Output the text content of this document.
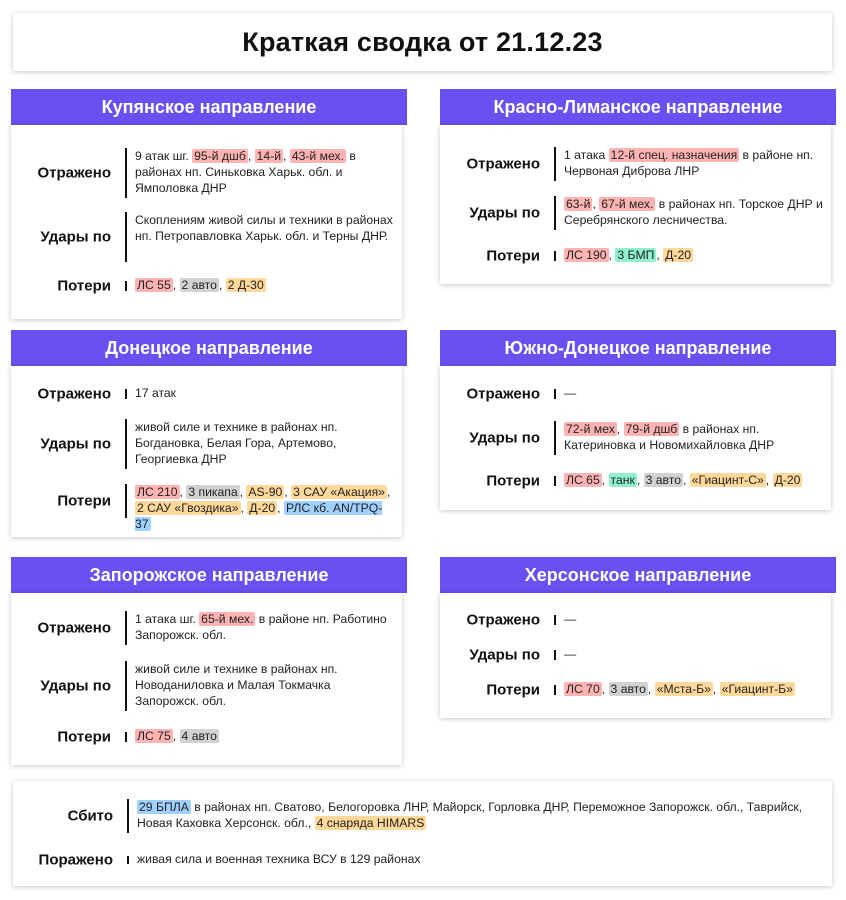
Краткая сводка от 21.12.23
Купянское направление
Отражено
9 атак шг. 95-й дшб , 14-й , 43-й мех. в районах нп. Синьковка Харьк. обл. и Ямполовка ДНР
Удары по
Скоплениям живой силы и техники в районах нп. Петропавловка Харьк. обл. и Терны ДНР.
Потери ЛС 55 , 2 авто , 2 Д-30
Красно-Лиманское направление
Отражено
1 атака 12-й спец. назначения в районе нп. Червоная Диброва ЛНР
Удары по
63-й , 67-й мех. в районах нп. Торское ДНР и Серебрянского лесничества.
Потери ЛС 190 , 3 БМП , Д-20
Донецкое направление
Отражено 17 атак
Удары по
живой силе и технике в районах нп. Богдановка, Белая Гора, Артемово, Георгиевка ДНР
Потери
ЛС 210 , 3 пикапа , AS-90 , 3 САУ «Акация» , 2 САУ «Гвоздика» , Д-20 , РЛС кб. AN/TPQ-37
Южно-Донецкое направление
Отражено —
Удары по
72-й мех , 79-й дшб в районах нп. Катериновка и Новомихайловка ДНР
Потери ЛС 65 , танк , 3 авто , «Гиацинт-С» , Д-20
Запорожское направление
Отражено
1 атака шг. 65-й мех. в районе нп. Работино Запорожск. обл.
Удары по
живой силе и технике в районах нп. Новоданиловка и Малая Токмачка Запорожск. обл.
Потери ЛС 75 , 4 авто
Херсонское направление
Отражено —
Удары по —
Потери ЛС 70 , 3 авто , «Мста-Б» , «Гиацинт-Б»
Сбито
29 БПЛА в районах нп. Сватово, Белогоровка ЛНР, Майорск, Горловка ДНР, Переможное Запорожск. обл., Таврийск, Новая Каховка Херсонск. обл., 4 снаряда HIMARS
Поражено живая сила и военная техника ВСУ в 129 районах
